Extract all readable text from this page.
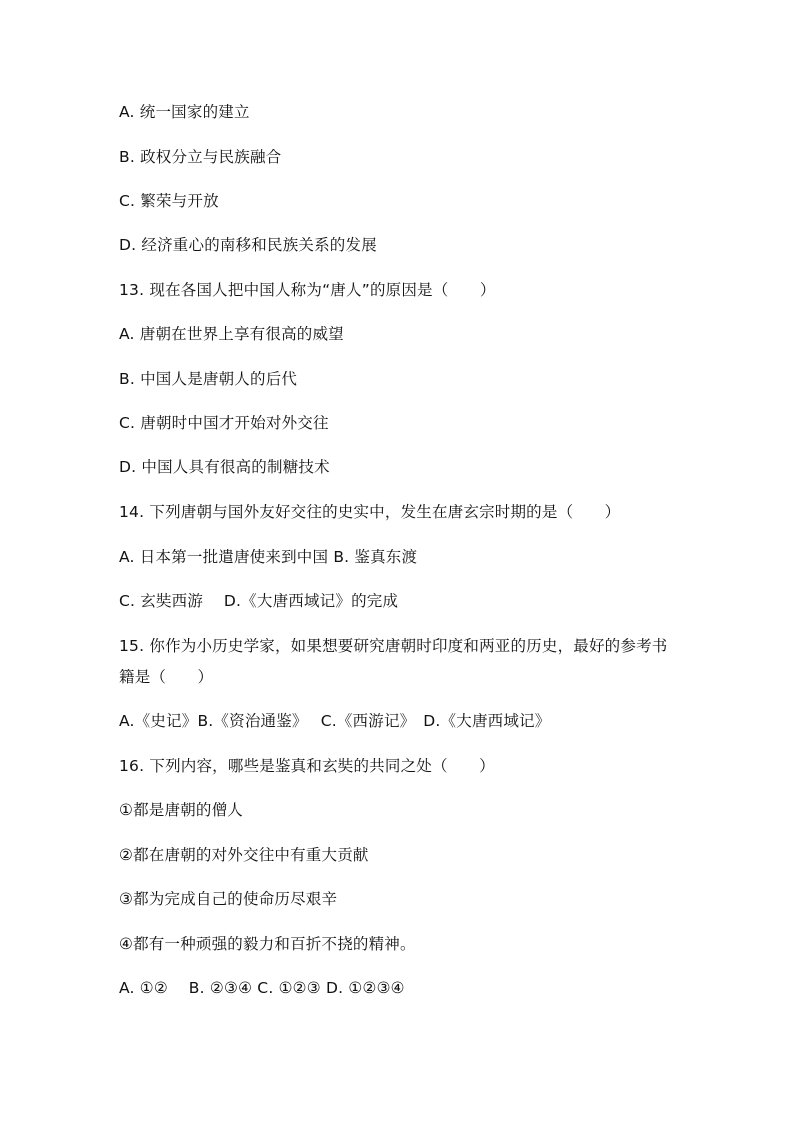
A. 统一国家的建立
B. 政权分立与民族融合
C. 繁荣与开放
D. 经济重心的南移和民族关系的发展
13. 现在各国人把中国人称为“唐人”的原因是（　　）
A. 唐朝在世界上享有很高的威望
B. 中国人是唐朝人的后代
C. 唐朝时中国才开始对外交往
D. 中国人具有很高的制糖技术
14. 下列唐朝与国外友好交往的史实中，发生在唐玄宗时期的是（　　）
A. 日本第一批遣唐使来到中国 B. 鉴真东渡
C. 玄奘西游　 D.《大唐西域记》的完成
15. 你作为小历史学家，如果想要研究唐朝时印度和两亚的历史，最好的参考书
籍是（　　）
A.《史记》B.《资治通鉴》　 C.《西游记》　D.《大唐西域记》
16. 下列内容，哪些是鉴真和玄奘的共同之处（　　）
①都是唐朝的僧人
②都在唐朝的对外交往中有重大贡献
③都为完成自己的使命历尽艰辛
④都有一种顽强的毅力和百折不挠的精神。
A. ①②　 B. ②③④ C. ①②③ D. ①②③④
